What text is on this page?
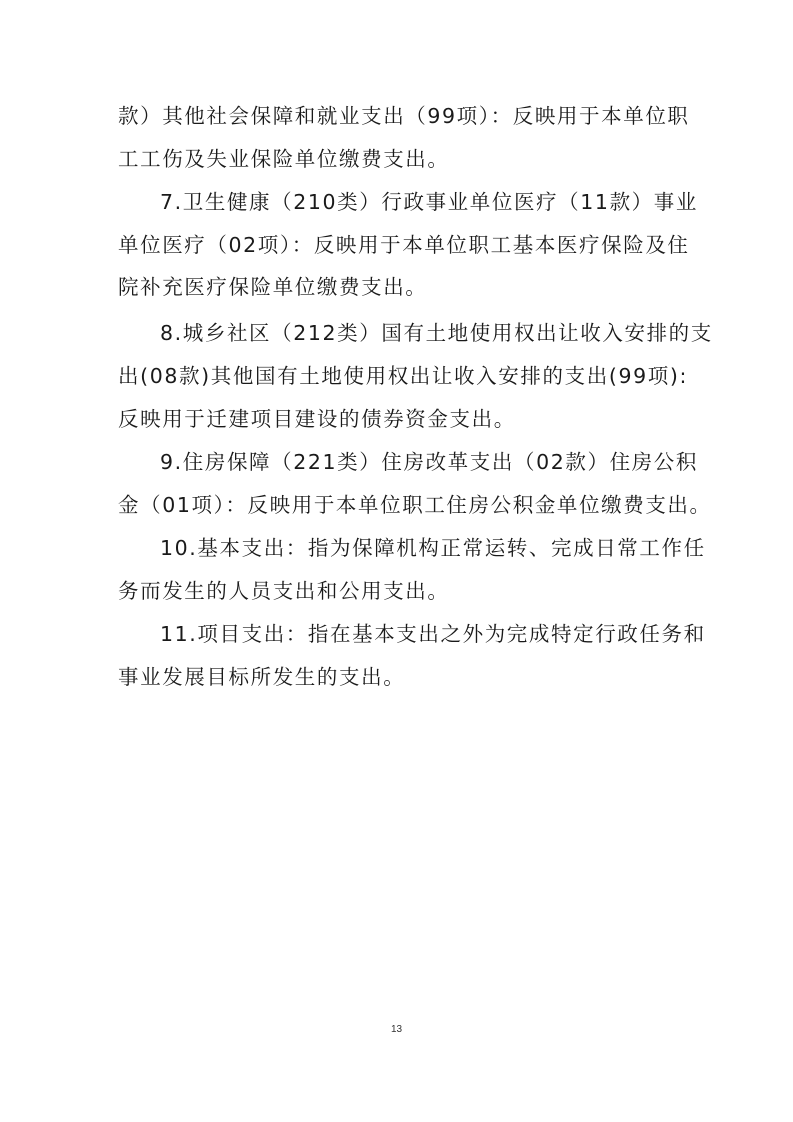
款）其他社会保障和就业支出（99项）：反映用于本单位职
工工伤及失业保险单位缴费支出。
7.卫生健康（210类）行政事业单位医疗（11款）事业
单位医疗（02项）：反映用于本单位职工基本医疗保险及住
院补充医疗保险单位缴费支出。
8.城乡社区（212类）国有土地使用权出让收入安排的支
出(08款)其他国有土地使用权出让收入安排的支出(99项):
反映用于迁建项目建设的债券资金支出。
9.住房保障（221类）住房改革支出（02款）住房公积
金（01项）：反映用于本单位职工住房公积金单位缴费支出。
10.基本支出：指为保障机构正常运转、完成日常工作任
务而发生的人员支出和公用支出。
11.项目支出：指在基本支出之外为完成特定行政任务和
事业发展目标所发生的支出。
13
